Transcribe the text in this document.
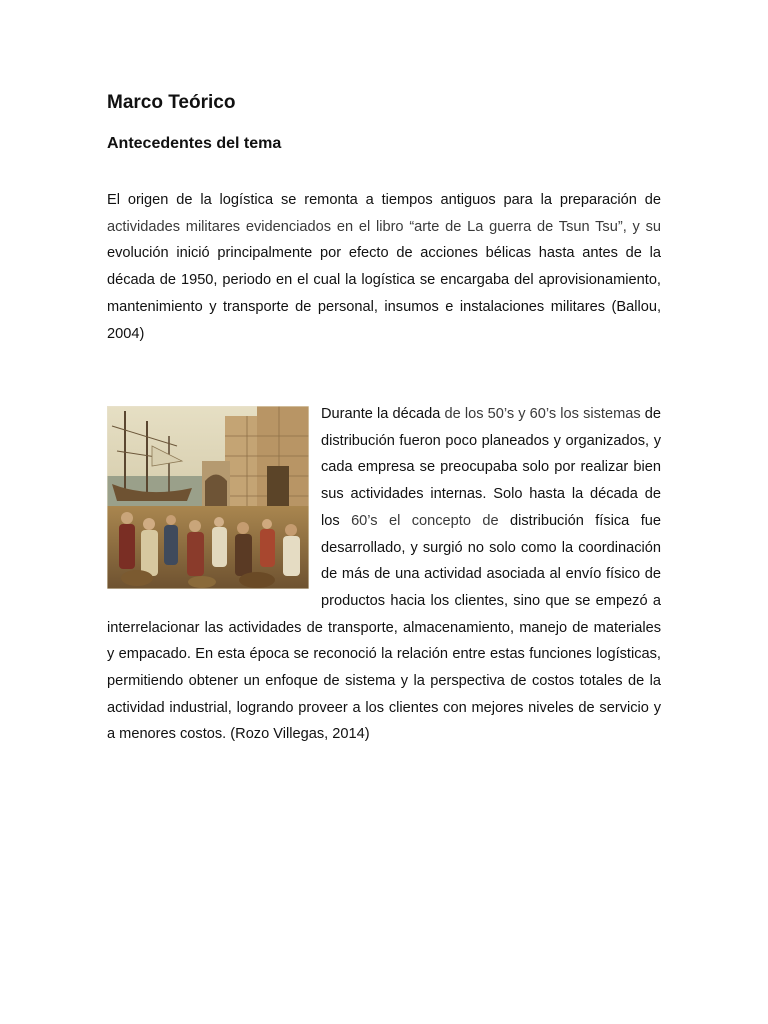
Marco Teórico
Antecedentes del tema

El origen de la logística se remonta a tiempos antiguos para la preparación de actividades militares evidenciados en el libro “arte de La guerra de Tsun Tsu”, y su evolución inició principalmente por efecto de acciones bélicas hasta antes de la década de 1950, periodo en el cual la logística se encargaba del aprovisionamiento, mantenimiento y transporte de personal, insumos e instalaciones militares (Ballou, 2004)

Durante la década de los 50’s y 60’s los sistemas de distribución fueron poco planeados y organizados, y cada empresa se preocupaba solo por realizar bien sus actividades internas. Solo hasta la década de los 60’s el concepto de distribución física fue desarrollado, y surgió no solo como la coordinación de más de una actividad asociada al envío físico de productos hacia los clientes, sino que se empezó a interrelacionar las actividades de transporte, almacenamiento, manejo de materiales y empacado. En esta época se reconoció la relación entre estas funciones logísticas, permitiendo obtener un enfoque de sistema y la perspectiva de costos totales de la actividad industrial, logrando proveer a los clientes con mejores niveles de servicio y a menores costos. (Rozo Villegas, 2014)
